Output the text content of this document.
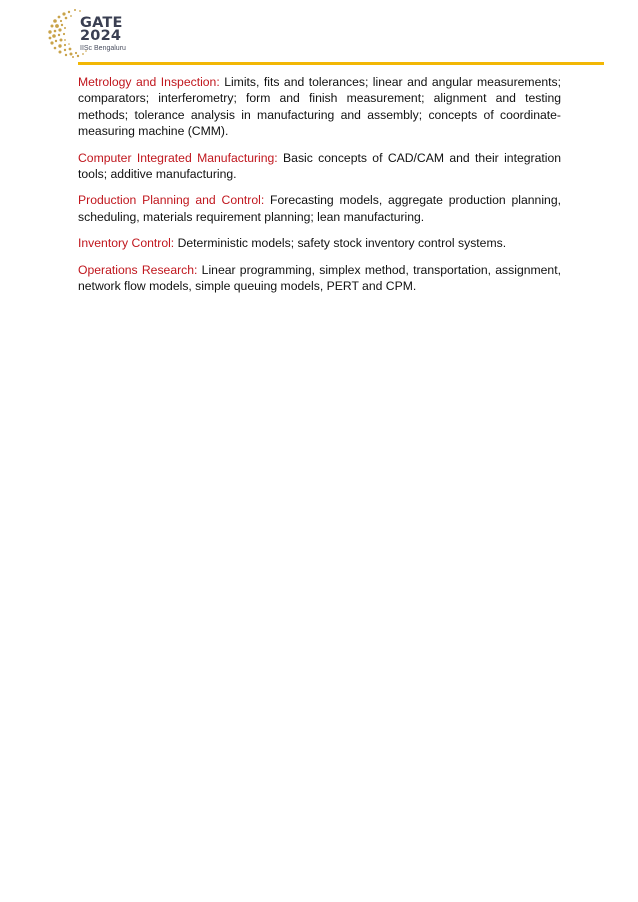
GATE
2024
IISc Bengaluru

Metrology and Inspection: Limits, fits and tolerances; linear and angular measurements; comparators; interferometry; form and finish measurement; alignment and testing methods; tolerance analysis in manufacturing and assembly; concepts of coordinate-measuring machine (CMM).

Computer Integrated Manufacturing: Basic concepts of CAD/CAM and their integration tools; additive manufacturing.

Production Planning and Control: Forecasting models, aggregate production planning, scheduling, materials requirement planning; lean manufacturing.

Inventory Control: Deterministic models; safety stock inventory control systems.

Operations Research: Linear programming, simplex method, transportation, assignment, network flow models, simple queuing models, PERT and CPM.
